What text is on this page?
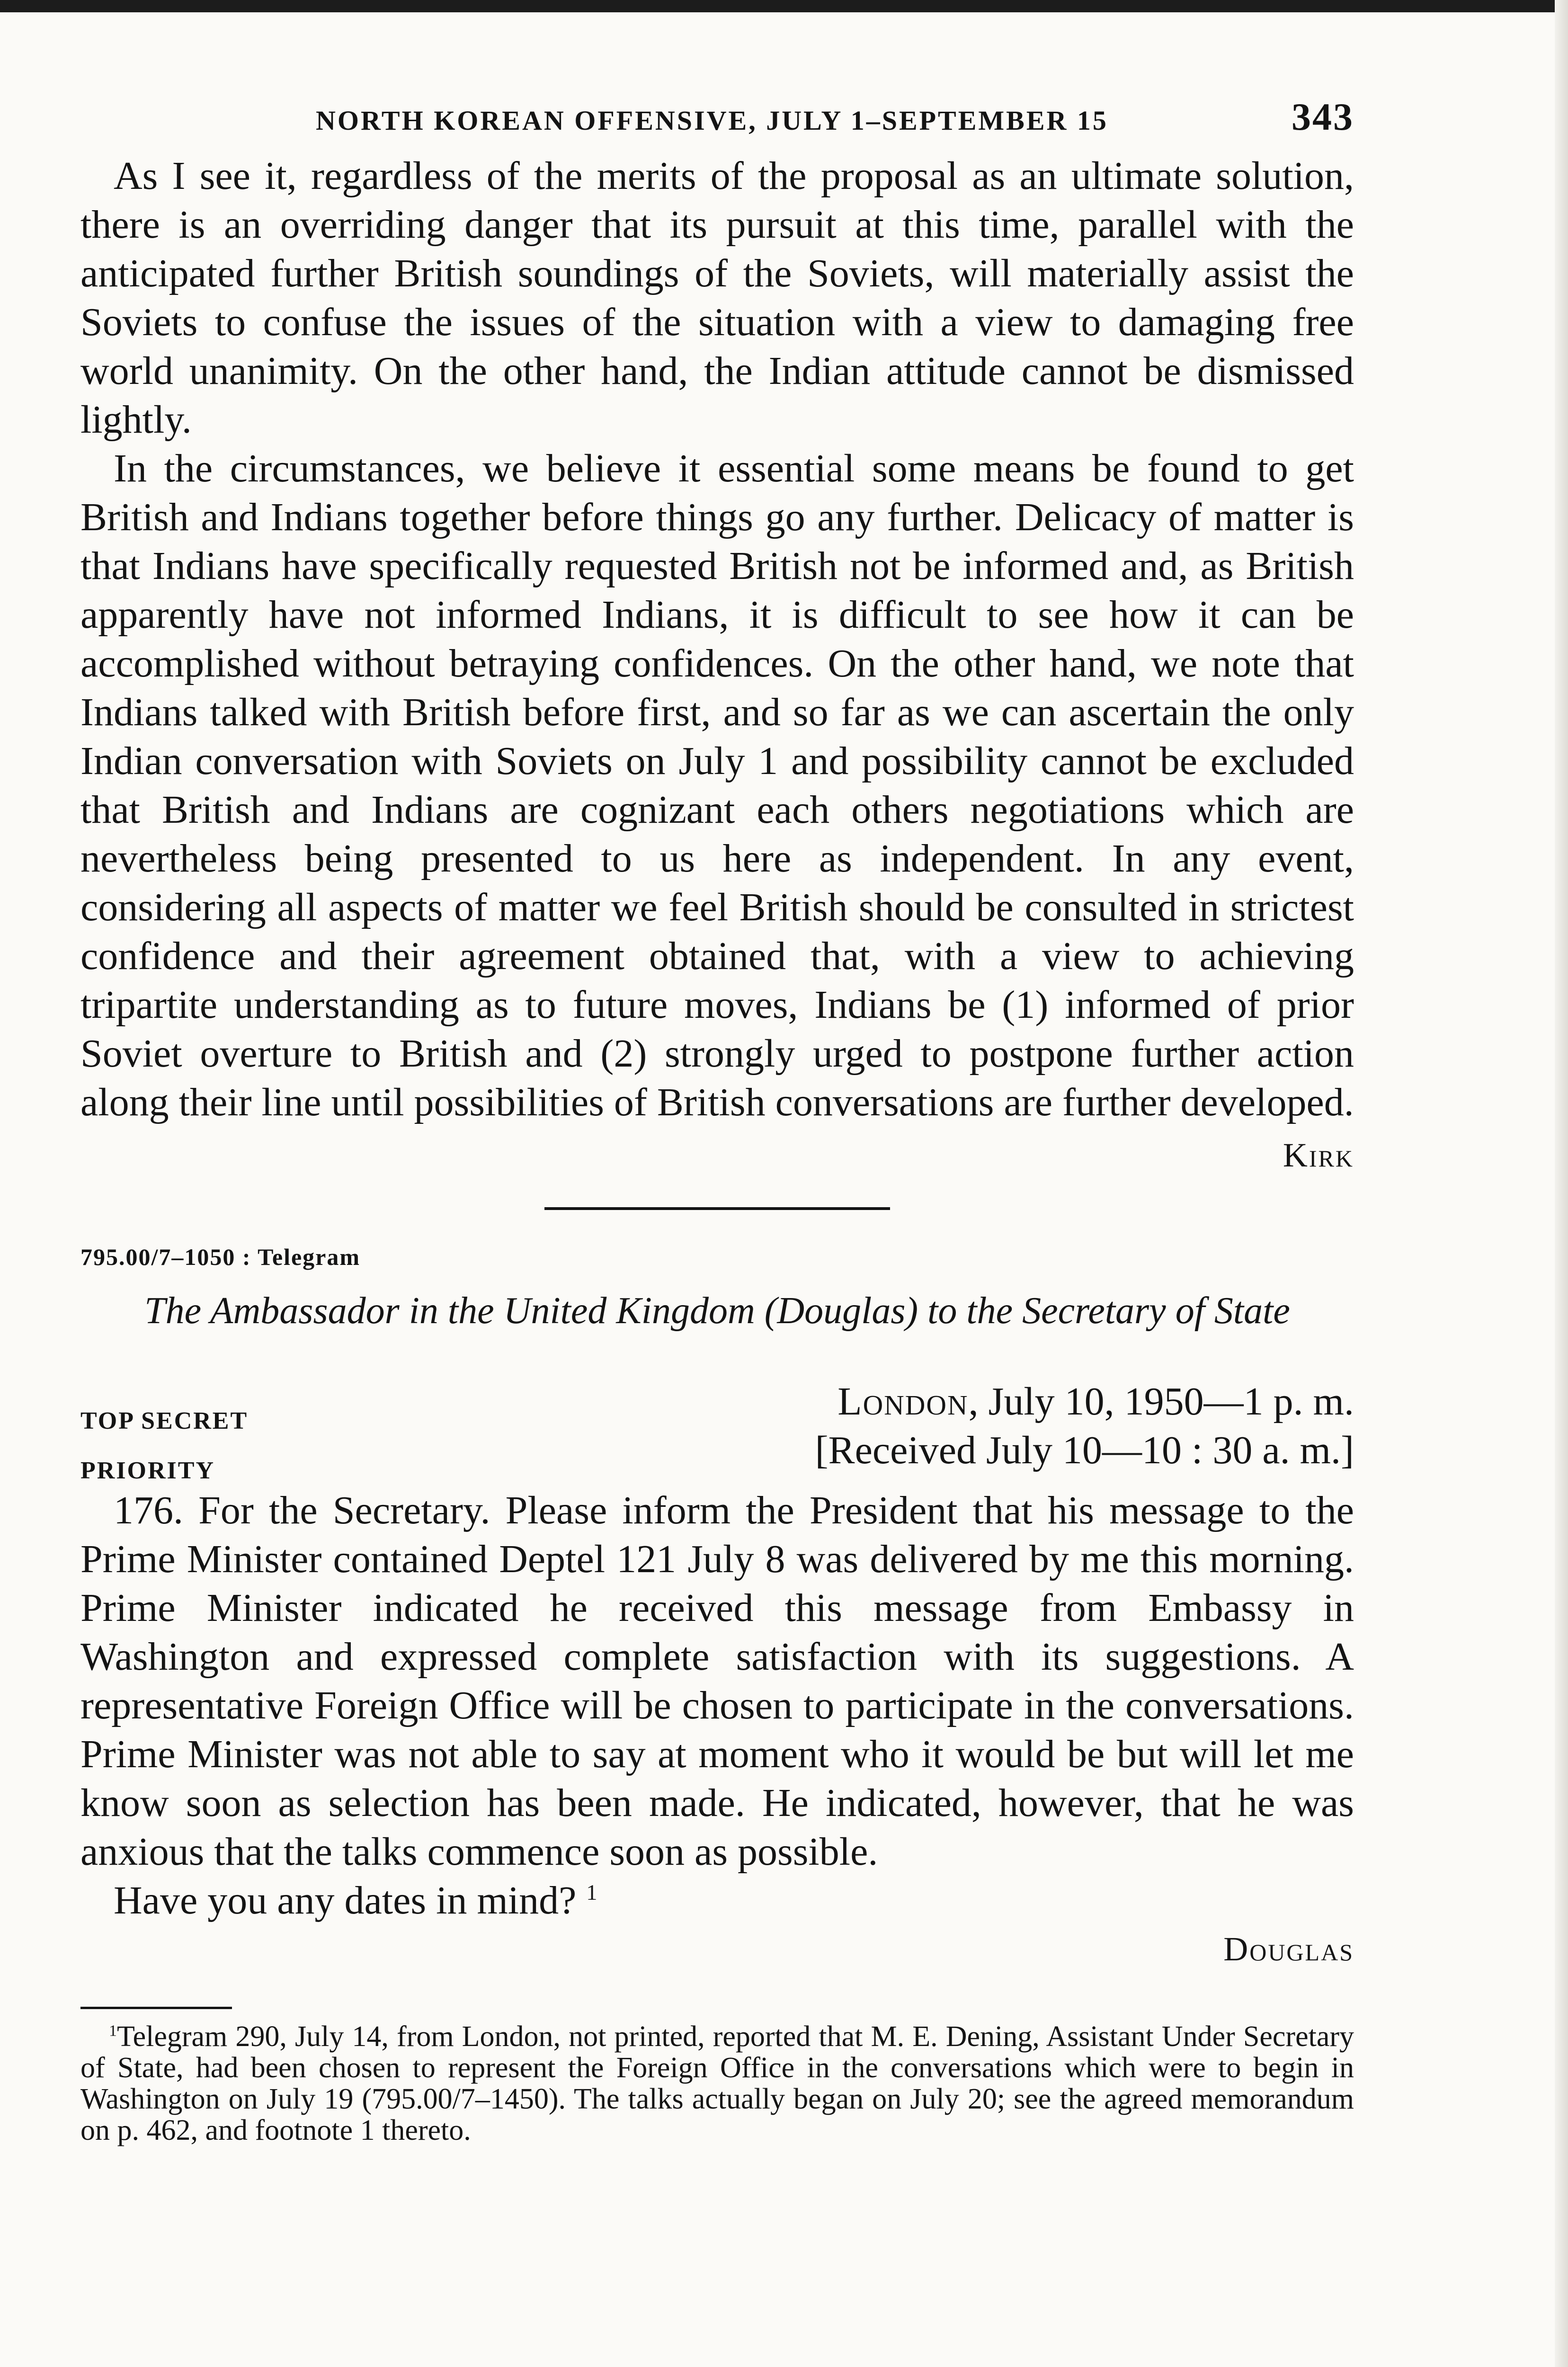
NORTH KOREAN OFFENSIVE, JULY 1–SEPTEMBER 15	343

As I see it, regardless of the merits of the proposal as an ultimate solution, there is an overriding danger that its pursuit at this time, parallel with the anticipated further British soundings of the Soviets, will materially assist the Soviets to confuse the issues of the situation with a view to damaging free world unanimity. On the other hand, the Indian attitude cannot be dismissed lightly.

In the circumstances, we believe it essential some means be found to get British and Indians together before things go any further. Delicacy of matter is that Indians have specifically requested British not be informed and, as British apparently have not informed Indians, it is difficult to see how it can be accomplished without betraying confidences. On the other hand, we note that Indians talked with British before first, and so far as we can ascertain the only Indian conversation with Soviets on July 1 and possibility cannot be excluded that British and Indians are cognizant each others negotiations which are nevertheless being presented to us here as independent. In any event, considering all aspects of matter we feel British should be consulted in strictest confidence and their agreement obtained that, with a view to achieving tripartite understanding as to future moves, Indians be (1) informed of prior Soviet overture to British and (2) strongly urged to postpone further action along their line until possibilities of British conversations are further developed.

Kirk
795.00/7–1050 : Telegram
The Ambassador in the United Kingdom (Douglas) to the Secretary of State
TOP SECRET
PRIORITY
London, July 10, 1950—1 p. m.
[Received July 10—10 : 30 a. m.]

176. For the Secretary. Please inform the President that his message to the Prime Minister contained Deptel 121 July 8 was delivered by me this morning. Prime Minister indicated he received this message from Embassy in Washington and expressed complete satisfaction with its suggestions. A representative Foreign Office will be chosen to participate in the conversations. Prime Minister was not able to say at moment who it would be but will let me know soon as selection has been made. He indicated, however, that he was anxious that the talks commence soon as possible.

Have you any dates in mind? $^1$

Douglas

$^1$Telegram 290, July 14, from London, not printed, reported that M. E. Dening, Assistant Under Secretary of State, had been chosen to represent the Foreign Office in the conversations which were to begin in Washington on July 19 (795.00/7–1450). The talks actually began on July 20; see the agreed memorandum on p. 462, and footnote 1 thereto.
